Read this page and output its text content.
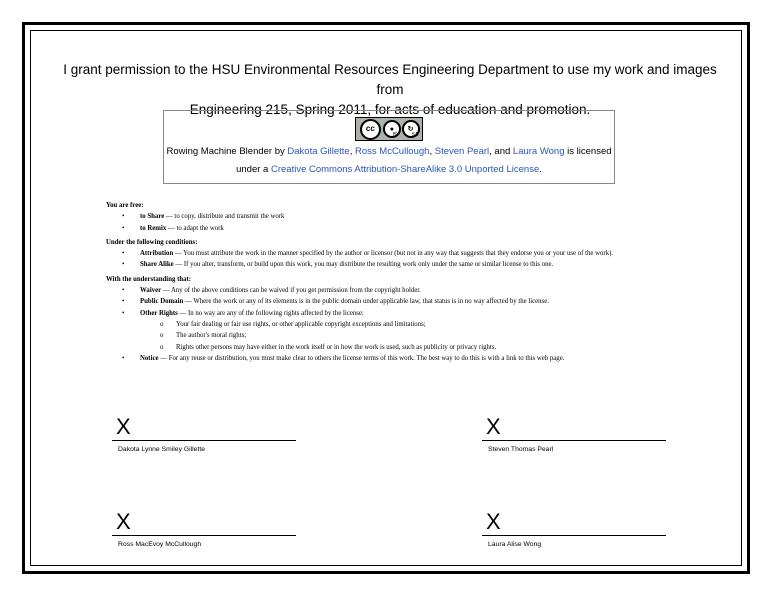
I grant permission to the HSU Environmental Resources Engineering Department to use my work and images from
Engineering 215, Spring 2011, for acts of education and promotion.
cc	●
BY
↻
SA
Rowing Machine Blender by Dakota Gillette, Ross McCullough, Steven Pearl, and Laura Wong is licensed
under a Creative Commons Attribution-ShareAlike 3.0 Unported License.
You are free:
• to Share — to copy, distribute and transmit the work
• to Remix — to adapt the work
Under the following conditions:
• Attribution — You must attribute the work in the manner specified by the author or licensor (but not in any way that suggests that they endorse you or your use of the work).
• Share Alike — If you alter, transform, or build upon this work, you may distribute the resulting work only under the same or similar license to this one.
With the understanding that:
• Waiver — Any of the above conditions can be waived if you get permission from the copyright holder.
• Public Domain — Where the work or any of its elements is in the public domain under applicable law, that status is in no way affected by the license.
• Other Rights — In no way are any of the following rights affected by the license:
o Your fair dealing or fair use rights, or other applicable copyright exceptions and limitations;
o The author's moral rights;
o Rights other persons may have either in the work itself or in how the work is used, such as publicity or privacy rights.
• Notice — For any reuse or distribution, you must make clear to others the license terms of this work. The best way to do this is with a link to this web page.
X
Dakota Lynne Smiley Gillette
X
Steven Thomas Pearl
X
Ross MacEvoy McCullough
X
Laura Alise Wong
